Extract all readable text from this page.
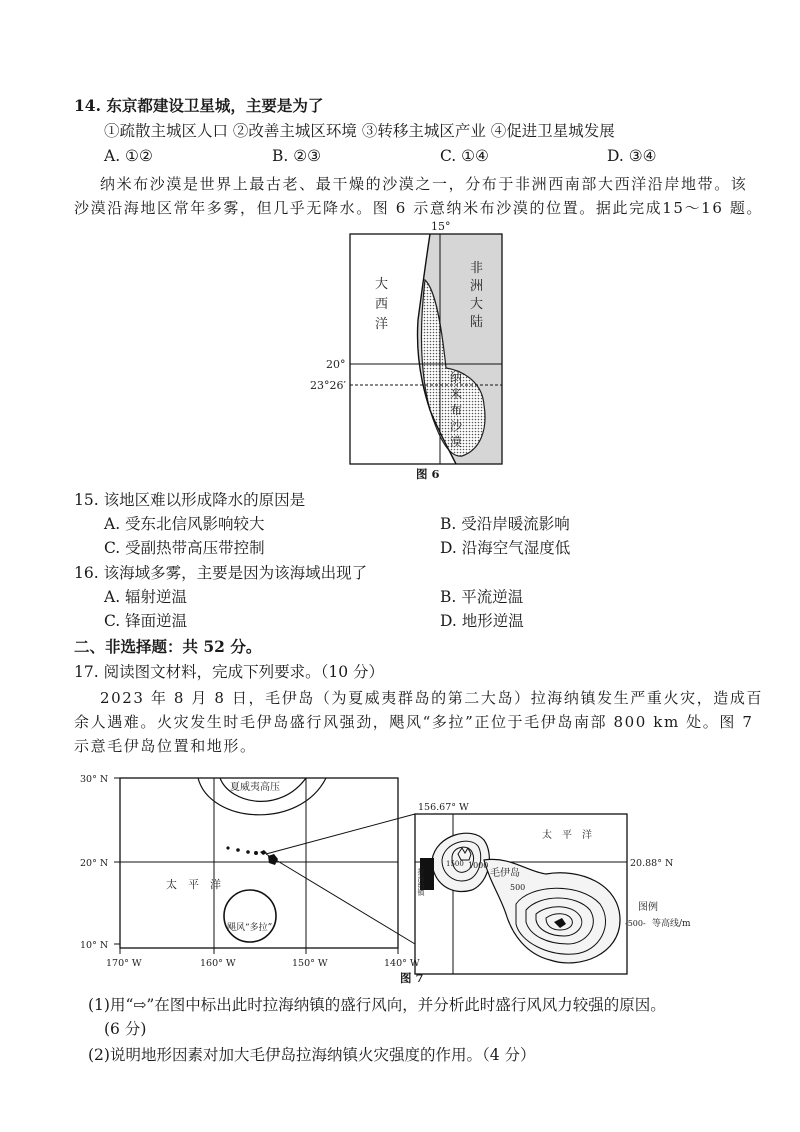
14. 东京都建设卫星城，主要是为了
①疏散主城区人口 ②改善主城区环境 ③转移主城区产业 ④促进卫星城发展
A. ①②	B. ②③	C. ①④	D. ③④
纳米布沙漠是世界上最古老、最干燥的沙漠之一，分布于非洲西南部大西洋沿岸地带。该
沙漠沿海地区常年多雾，但几乎无降水。图 6 示意纳米布沙漠的位置。据此完成15～16 题。
15°
20°
23°26′
大
西
洋
非
洲
大
陆
纳
米
布
沙
漠
图 6
15. 该地区难以形成降水的原因是
A. 受东北信风影响较大	B. 受沿岸暖流影响
C. 受副热带高压带控制	D. 沿海空气湿度低
16. 该海域多雾，主要是因为该海域出现了
A. 辐射逆温	B. 平流逆温
C. 锋面逆温	D. 地形逆温
二、非选择题：共 52 分。
17. 阅读图文材料，完成下列要求。（10 分）
2023 年 8 月 8 日，毛伊岛（为夏威夷群岛的第二大岛）拉海纳镇发生严重火灾，造成百
余人遇难。火灾发生时毛伊岛盛行风强劲，飓风“多拉”正位于毛伊岛南部 800 km 处。图 7
示意毛伊岛位置和地形。
夏威夷高压
飓风“多拉”
太　平　洋
30° N
20° N
10° N
170° W	160° W	150° W	140° W
156.67° W
20.88° N
太　平　洋
拉海纳镇
1000
1500
500
毛伊岛
图例
-500- 等高线/m
图 7
(1)用“⇨”在图中标出此时拉海纳镇的盛行风向，并分析此时盛行风风力较强的原因。
(6 分)
(2)说明地形因素对加大毛伊岛拉海纳镇火灾强度的作用。（4 分）
